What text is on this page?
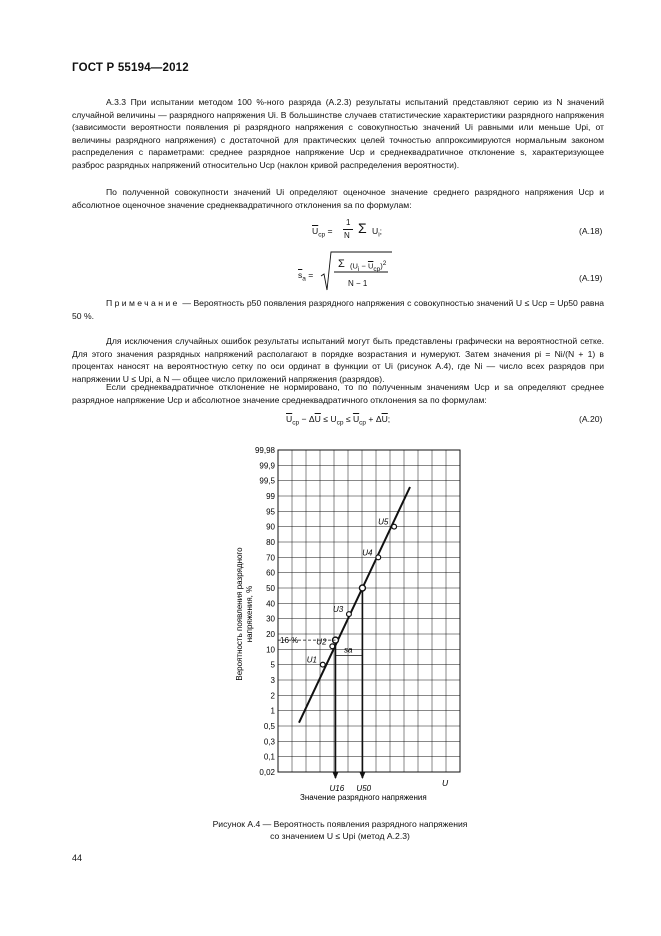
ГОСТ Р 55194—2012
А.3.3 При испытании методом 100 %-ного разряда (А.2.3) результаты испытаний представляют серию из N значений случайной величины — разрядного напряжения Ui. В большинстве случаев статистические характеристики разрядного напряжения (зависимости вероятности появления pi разрядного напряжения с совокупностью значений Ui равными или меньше Upi, от величины разрядного напряжения) с достаточной для практических целей точностью аппроксимируются нормальным законом распределения с параметрами: среднее разрядное напряжение Uср и среднеквадратичное отклонение s, характеризующее разброс разрядных напряжений относительно Uср (наклон кривой распределения вероятности).
По полученной совокупности значений Ui определяют оценочное значение среднего разрядного напряжения Uср и абсолютное оценочное значение среднеквадратичного отклонения sа по формулам:
$\overline{U}_{ср}$ =
1
N Σ $U_i$;	(А.18)
$\overline{s}_а$ =
Σ $(U_i - \overline{U}_{ср})^2$
N − 1
(А.19)
Примечание — Вероятность p50 появления разрядного напряжения с совокупностью значений U ≤ Uср = Up50 равна 50 %.
Для исключения случайных ошибок результаты испытаний могут быть представлены графически на вероятностной сетке. Для этого значения разрядных напряжений располагают в порядке возрастания и нумеруют. Затем значения pi = Ni/(N + 1) в процентах наносят на вероятностную сетку по оси ординат в функции от Ui (рисунок А.4), где Ni — число всех разрядов при напряжении U ≤ Upi, а N — общее число приложений напряжения (разрядов).
Если среднеквадратичное отклонение не нормировано, то по полученным значениям Uср и sа определяют среднее разрядное напряжение Uср и абсолютное значение среднеквадратичного отклонения sа по формулам:
$\overline{U}_{ср} - \Delta\overline{U} \le U_{ср} \le \overline{U}_{ср} + \Delta\overline{U}$;	(А.20)
99,98
99,9
99,5
99
95
90
80
70
60
50
40
30
20
10
5
3
2
1
0,5
0,3
0,1
0,02
Вероятность появления разрядного напряжения, %
U1
U2
U3
U4
U5
U16 U50
16 %
sа
Значение разрядного напряжения
U
Рисунок А.4 — Вероятность появления разрядного напряжения
со значением U ≤ Upi (метод А.2.3)
44
